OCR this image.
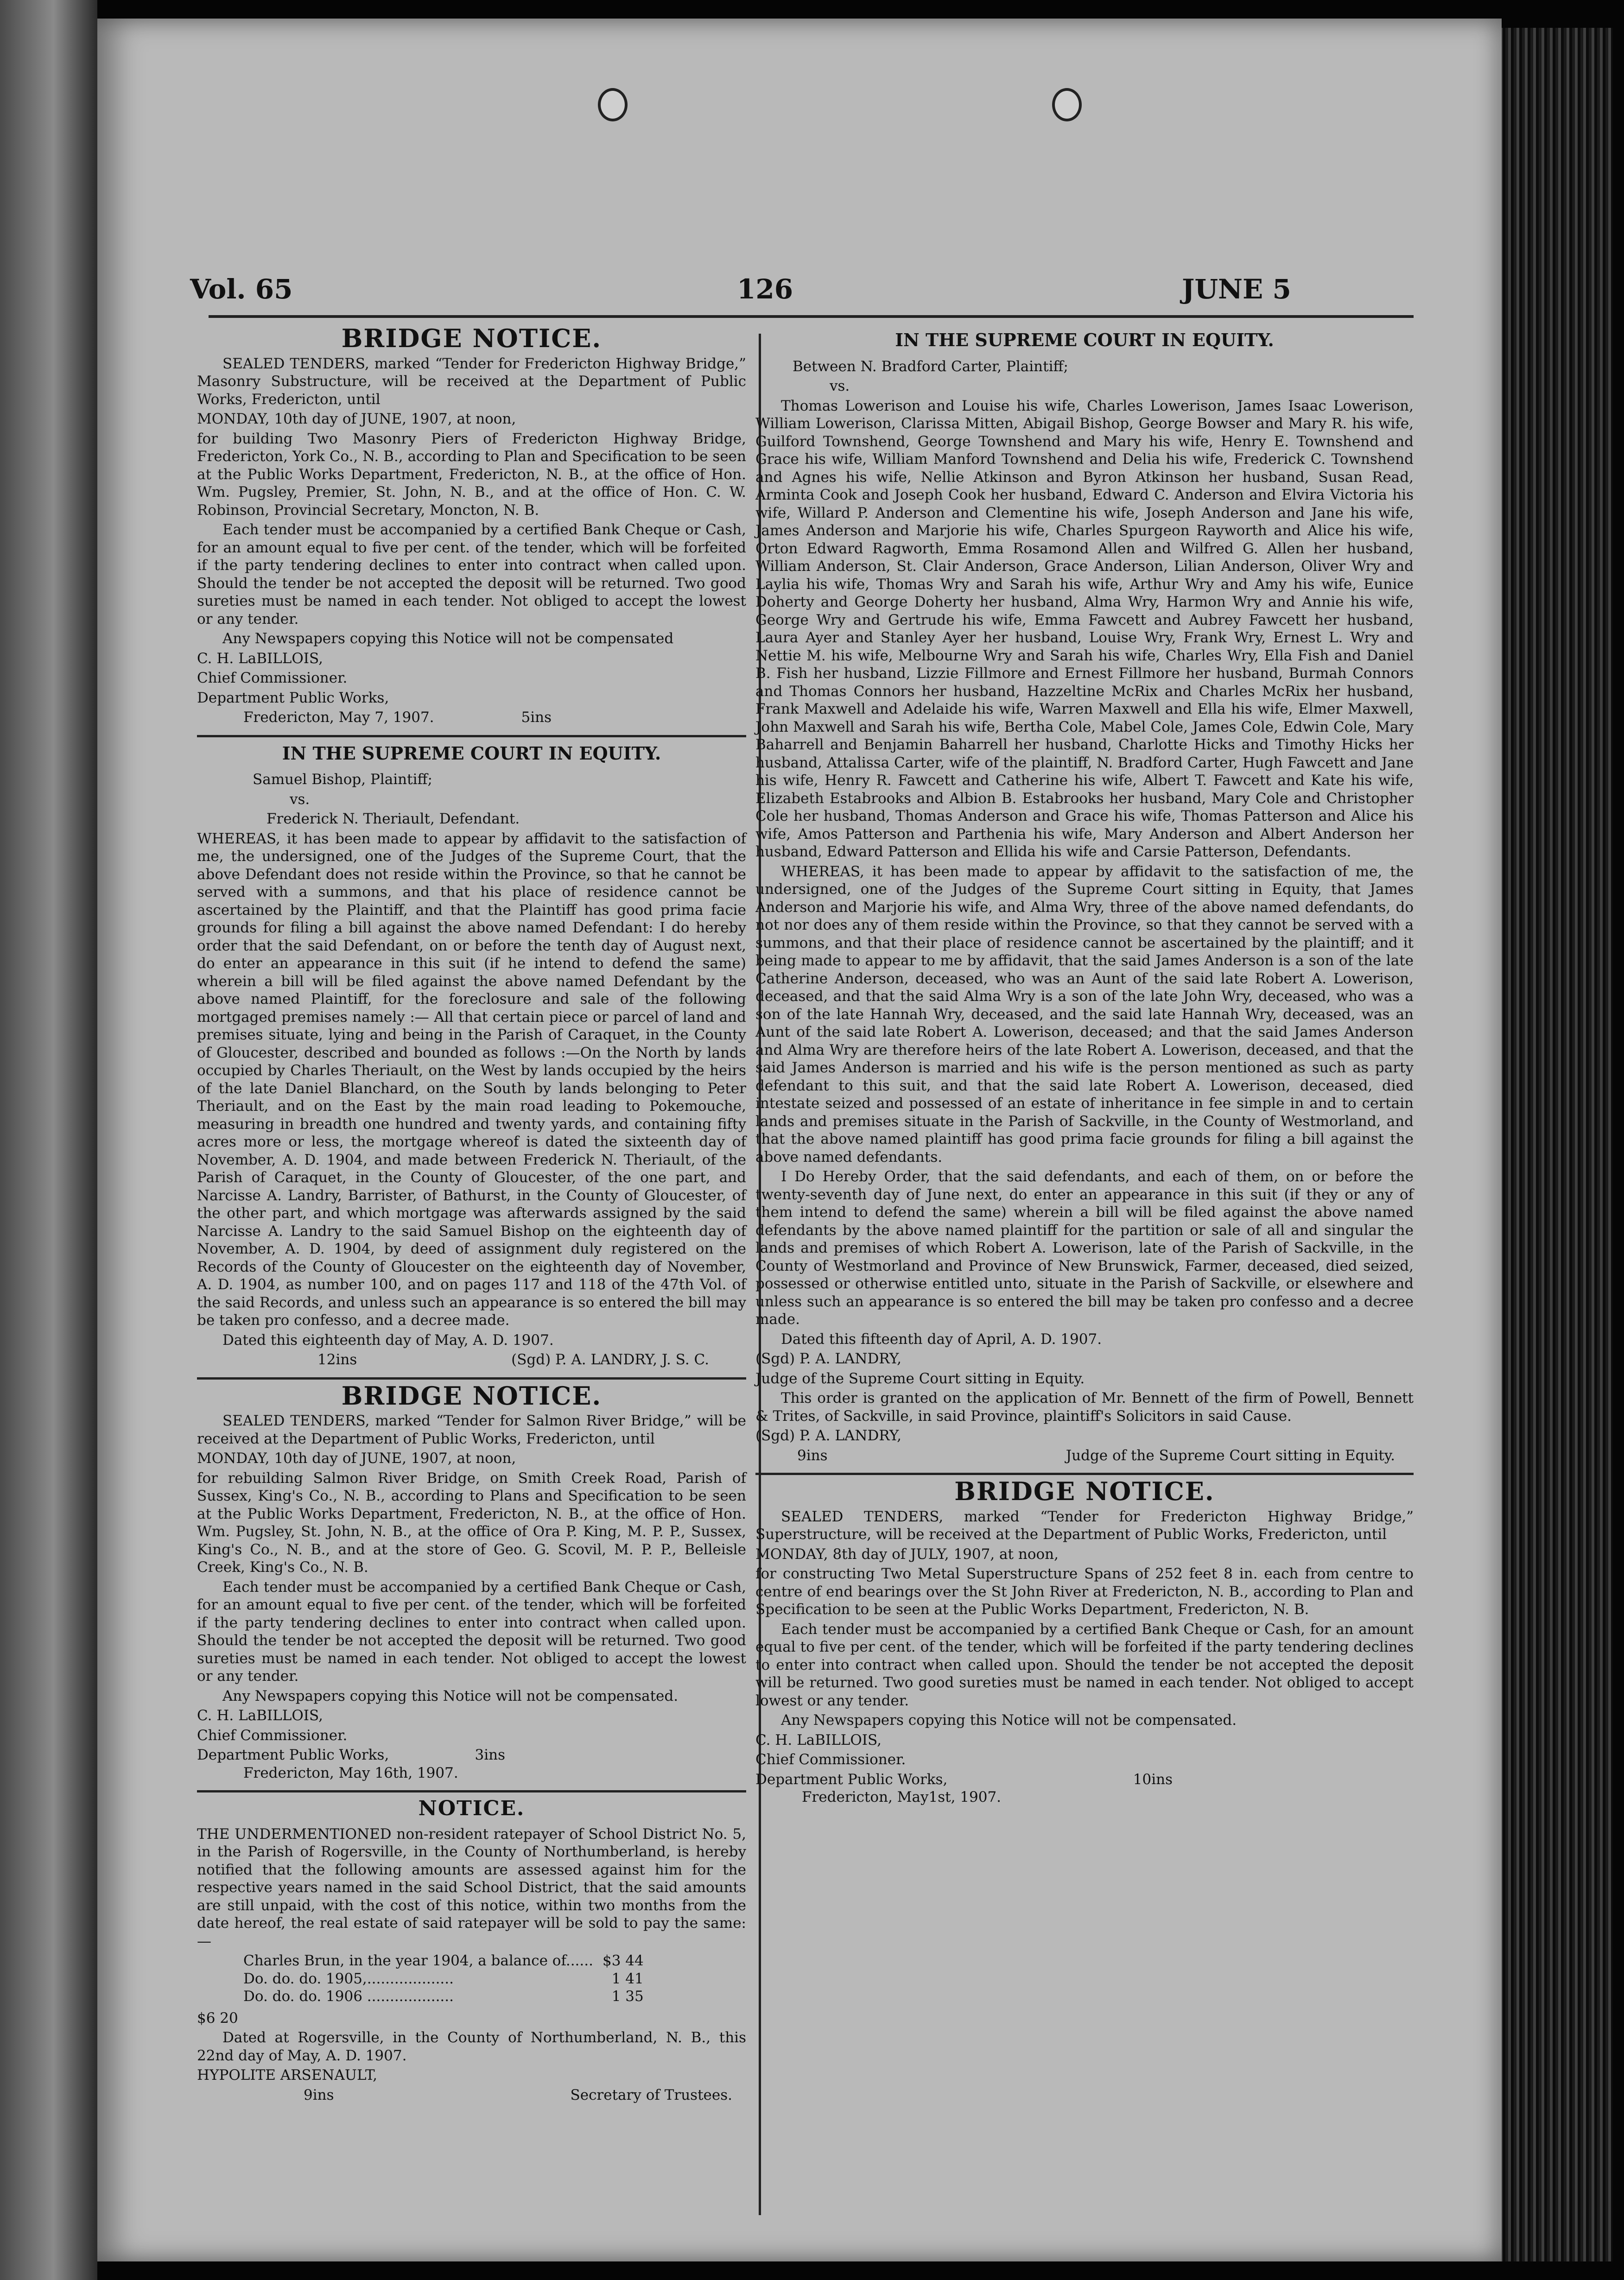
Vol. 65	126	JUNE 5
BRIDGE NOTICE.

SEALED TENDERS, marked “Tender for Fredericton Highway Bridge,” Masonry Substructure, will be received at the Department of Public Works, Fredericton, until

MONDAY, 10th day of JUNE, 1907, at noon,

for building Two Masonry Piers of Fredericton Highway Bridge, Fredericton, York Co., N. B., according to Plan and Specification to be seen at the Public Works Department, Fredericton, N. B., at the office of Hon. Wm. Pugsley, Premier, St. John, N. B., and at the office of Hon. C. W. Robinson, Provincial Secretary, Moncton, N. B.

Each tender must be accompanied by a certified Bank Cheque or Cash, for an amount equal to five per cent. of the tender, which will be forfeited if the party tendering declines to enter into contract when called upon. Should the tender be not accepted the deposit will be returned. Two good sureties must be named in each tender. Not obliged to accept the lowest or any tender.

Any Newspapers copying this Notice will not be compensated

C. H. LaBILLOIS,

Chief Commissioner.

Department Public Works,

Fredericton, May 7, 1907.	5ins
IN THE SUPREME COURT IN EQUITY.

Samuel Bishop, Plaintiff;

vs.

Frederick N. Theriault, Defendant.

WHEREAS, it has been made to appear by affidavit to the satisfaction of me, the undersigned, one of the Judges of the Supreme Court, that the above Defendant does not reside within the Province, so that he cannot be served with a summons, and that his place of residence cannot be ascertained by the Plaintiff, and that the Plaintiff has good prima facie grounds for filing a bill against the above named Defendant: I do hereby order that the said Defendant, on or before the tenth day of August next, do enter an appearance in this suit (if he intend to defend the same) wherein a bill will be filed against the above named Defendant by the above named Plaintiff, for the foreclosure and sale of the following mortgaged premises namely :— All that certain piece or parcel of land and premises situate, lying and being in the Parish of Caraquet, in the County of Gloucester, described and bounded as follows :—On the North by lands occupied by Charles Theriault, on the West by lands occupied by the heirs of the late Daniel Blanchard, on the South by lands belonging to Peter Theriault, and on the East by the main road leading to Pokemouche, measuring in breadth one hundred and twenty yards, and containing fifty acres more or less, the mortgage whereof is dated the sixteenth day of November, A. D. 1904, and made between Frederick N. Theriault, of the Parish of Caraquet, in the County of Gloucester, of the one part, and Narcisse A. Landry, Barrister, of Bathurst, in the County of Gloucester, of the other part, and which mortgage was afterwards assigned by the said Narcisse A. Landry to the said Samuel Bishop on the eighteenth day of November, A. D. 1904, by deed of assignment duly registered on the Records of the County of Gloucester on the eighteenth day of November, A. D. 1904, as number 100, and on pages 117 and 118 of the 47th Vol. of the said Records, and unless such an appearance is so entered the bill may be taken pro confesso, and a decree made.

Dated this eighteenth day of May, A. D. 1907.

12ins	(Sgd) P. A. LANDRY, J. S. C.
BRIDGE NOTICE.

SEALED TENDERS, marked “Tender for Salmon River Bridge,” will be received at the Department of Public Works, Fredericton, until

MONDAY, 10th day of JUNE, 1907, at noon,

for rebuilding Salmon River Bridge, on Smith Creek Road, Parish of Sussex, King's Co., N. B., according to Plans and Specification to be seen at the Public Works Department, Fredericton, N. B., at the office of Hon. Wm. Pugsley, St. John, N. B., at the office of Ora P. King, M. P. P., Sussex, King's Co., N. B., and at the store of Geo. G. Scovil, M. P. P., Belleisle Creek, King's Co., N. B.

Each tender must be accompanied by a certified Bank Cheque or Cash, for an amount equal to five per cent. of the tender, which will be forfeited if the party tendering declines to enter into contract when called upon. Should the tender be not accepted the deposit will be returned. Two good sureties must be named in each tender. Not obliged to accept the lowest or any tender.

Any Newspapers copying this Notice will not be compensated.

C. H. LaBILLOIS,

Chief Commissioner.

Department Public Works,	3ins

Fredericton, May 16th, 1907.

NOTICE.

THE UNDERMENTIONED non-resident ratepayer of School District No. 5, in the Parish of Rogersville, in the County of Northumberland, is hereby notified that the following amounts are assessed against him for the respective years named in the said School District, that the said amounts are still unpaid, with the cost of this notice, within two months from the date hereof, the real estate of said ratepayer will be sold to pay the same:—

Charles Brun, in the year 1904, a balance of......	$3 44
Do. do. do. 1905,...................	1 41
Do. do. do. 1906 ...................	1 35

$6 20

Dated at Rogersville, in the County of Northumberland, N. B., this 22nd day of May, A. D. 1907.

HYPOLITE ARSENAULT,

9ins	Secretary of Trustees.
IN THE SUPREME COURT IN EQUITY.

Between N. Bradford Carter, Plaintiff;

vs.

Thomas Lowerison and Louise his wife, Charles Lowerison, James Isaac Lowerison, William Lowerison, Clarissa Mitten, Abigail Bishop, George Bowser and Mary R. his wife, Guilford Townshend, George Townshend and Mary his wife, Henry E. Townshend and Grace his wife, William Manford Townshend and Delia his wife, Frederick C. Townshend and Agnes his wife, Nellie Atkinson and Byron Atkinson her husband, Susan Read, Arminta Cook and Joseph Cook her husband, Edward C. Anderson and Elvira Victoria his wife, Willard P. Anderson and Clementine his wife, Joseph Anderson and Jane his wife, James Anderson and Marjorie his wife, Charles Spurgeon Rayworth and Alice his wife, Orton Edward Ragworth, Emma Rosamond Allen and Wilfred G. Allen her husband, William Anderson, St. Clair Anderson, Grace Anderson, Lilian Anderson, Oliver Wry and Laylia his wife, Thomas Wry and Sarah his wife, Arthur Wry and Amy his wife, Eunice Doherty and George Doherty her husband, Alma Wry, Harmon Wry and Annie his wife, George Wry and Gertrude his wife, Emma Fawcett and Aubrey Fawcett her husband, Laura Ayer and Stanley Ayer her husband, Louise Wry, Frank Wry, Ernest L. Wry and Nettie M. his wife, Melbourne Wry and Sarah his wife, Charles Wry, Ella Fish and Daniel B. Fish her husband, Lizzie Fillmore and Ernest Fillmore her husband, Burmah Connors and Thomas Connors her husband, Hazzeltine McRix and Charles McRix her husband, Frank Maxwell and Adelaide his wife, Warren Maxwell and Ella his wife, Elmer Maxwell, John Maxwell and Sarah his wife, Bertha Cole, Mabel Cole, James Cole, Edwin Cole, Mary Baharrell and Benjamin Baharrell her husband, Charlotte Hicks and Timothy Hicks her husband, Attalissa Carter, wife of the plaintiff, N. Bradford Carter, Hugh Fawcett and Jane his wife, Henry R. Fawcett and Catherine his wife, Albert T. Fawcett and Kate his wife, Elizabeth Estabrooks and Albion B. Estabrooks her husband, Mary Cole and Christopher Cole her husband, Thomas Anderson and Grace his wife, Thomas Patterson and Alice his wife, Amos Patterson and Parthenia his wife, Mary Anderson and Albert Anderson her husband, Edward Patterson and Ellida his wife and Carsie Patterson, Defendants.

WHEREAS, it has been made to appear by affidavit to the satisfaction of me, the undersigned, one of the Judges of the Supreme Court sitting in Equity, that James Anderson and Marjorie his wife, and Alma Wry, three of the above named defendants, do not nor does any of them reside within the Province, so that they cannot be served with a summons, and that their place of residence cannot be ascertained by the plaintiff; and it being made to appear to me by affidavit, that the said James Anderson is a son of the late Catherine Anderson, deceased, who was an Aunt of the said late Robert A. Lowerison, deceased, and that the said Alma Wry is a son of the late John Wry, deceased, who was a son of the late Hannah Wry, deceased, and the said late Hannah Wry, deceased, was an Aunt of the said late Robert A. Lowerison, deceased; and that the said James Anderson and Alma Wry are therefore heirs of the late Robert A. Lowerison, deceased, and that the said James Anderson is married and his wife is the person mentioned as such as party defendant to this suit, and that the said late Robert A. Lowerison, deceased, died intestate seized and possessed of an estate of inheritance in fee simple in and to certain lands and premises situate in the Parish of Sackville, in the County of Westmorland, and that the above named plaintiff has good prima facie grounds for filing a bill against the above named defendants.

I Do Hereby Order, that the said defendants, and each of them, on or before the twenty-seventh day of June next, do enter an appearance in this suit (if they or any of them intend to defend the same) wherein a bill will be filed against the above named defendants by the above named plaintiff for the partition or sale of all and singular the lands and premises of which Robert A. Lowerison, late of the Parish of Sackville, in the County of Westmorland and Province of New Brunswick, Farmer, deceased, died seized, possessed or otherwise entitled unto, situate in the Parish of Sackville, or elsewhere and unless such an appearance is so entered the bill may be taken pro confesso and a decree made.

Dated this fifteenth day of April, A. D. 1907.

(Sgd) P. A. LANDRY,

Judge of the Supreme Court sitting in Equity.

This order is granted on the application of Mr. Bennett of the firm of Powell, Bennett & Trites, of Sackville, in said Province, plaintiff's Solicitors in said Cause.

(Sgd) P. A. LANDRY,

9ins	Judge of the Supreme Court sitting in Equity.
BRIDGE NOTICE.

SEALED TENDERS, marked “Tender for Fredericton Highway Bridge,” Superstructure, will be received at the Department of Public Works, Fredericton, until

MONDAY, 8th day of JULY, 1907, at noon,

for constructing Two Metal Superstructure Spans of 252 feet 8 in. each from centre to centre of end bearings over the St John River at Fredericton, N. B., according to Plan and Specification to be seen at the Public Works Department, Fredericton, N. B.

Each tender must be accompanied by a certified Bank Cheque or Cash, for an amount equal to five per cent. of the tender, which will be forfeited if the party tendering declines to enter into contract when called upon. Should the tender be not accepted the deposit will be returned. Two good sureties must be named in each tender. Not obliged to accept lowest or any tender.

Any Newspapers copying this Notice will not be compensated.

C. H. LaBILLOIS,

Chief Commissioner.

Department Public Works,	10ins

Fredericton, May1st, 1907.
